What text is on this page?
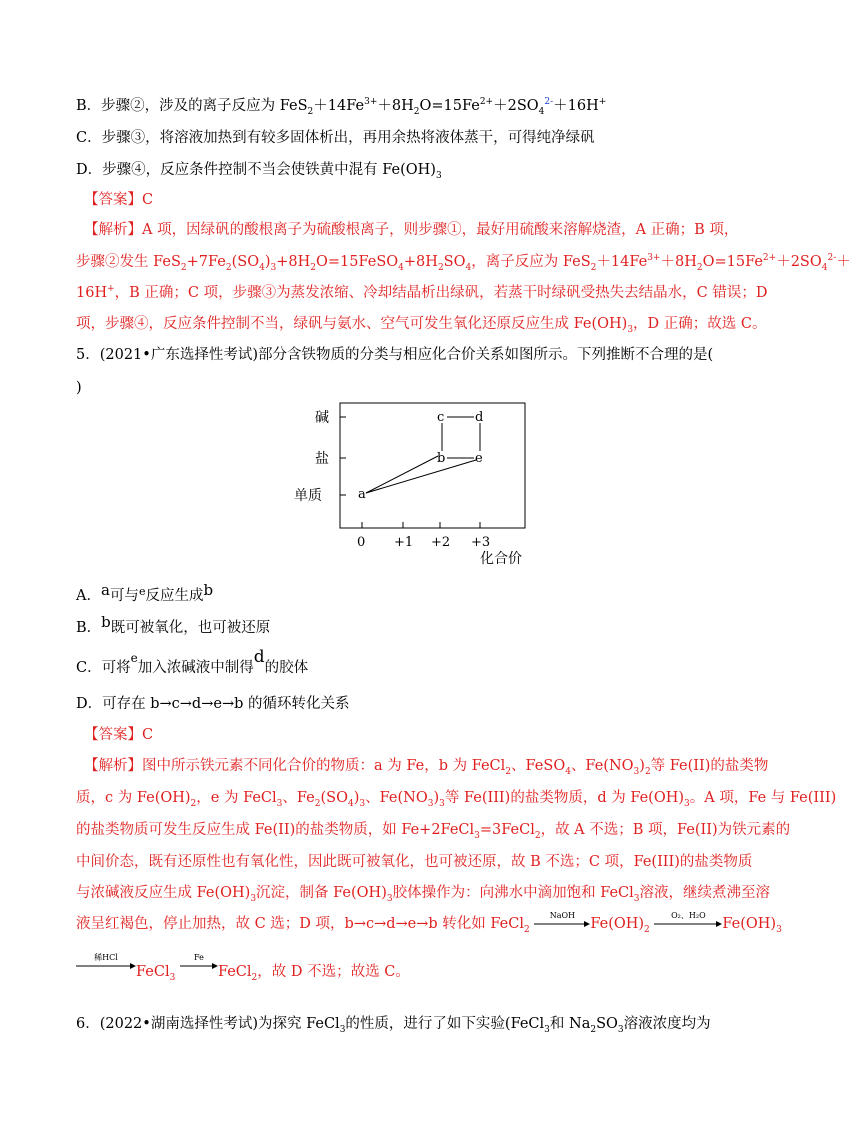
B．步骤②，涉及的离子反应为 $FeS_2+14Fe^{3+}+8H_2O=15Fe^{2+}+2SO_4^{2-}+16H^+$
C．步骤③，将溶液加热到有较多固体析出，再用余热将液体蒸干，可得纯净绿矾
D．步骤④，反应条件控制不当会使铁黄中混有 $Fe(OH)_3$
【答案】C
【解析】A 项，因绿矾的酸根离子为硫酸根离子，则步骤①，最好用硫酸来溶解烧渣，A 正确；B 项，
步骤②发生 $FeS_2+7Fe_2(SO_4)_3+8H_2O=15FeSO_4+8H_2SO_4$，离子反应为 $FeS_2+14Fe^{3+}+8H_2O=15Fe^{2+}+2SO_4^{2-}+$
16H+，B 正确；C 项，步骤③为蒸发浓缩、冷却结晶析出绿矾，若蒸干时绿矾受热失去结晶水，C 错误；D
项，步骤④，反应条件控制不当，绿矾与氨水、空气可发生氧化还原反应生成 $Fe(OH)_3$，D 正确；故选 C。
5．(2021•广东选择性考试)部分含铁物质的分类与相应化合价关系如图所示。下列推断不合理的是(
)
碱
盐
单质
0 +1 +2 +3
化合价
a
b
c d
e
A．a可与$^e$反应生成b
B．b既可被氧化，也可被还原
C．可将$^e$加入浓碱液中制得d的胶体
D．可存在 b→c→d→e→b 的循环转化关系
【答案】C
【解析】图中所示铁元素不同化合价的物质：a 为 Fe，b 为 FeCl$_2$、FeSO$_4$、$Fe(NO_3)_2$等 Fe(II)的盐类物
质，c 为 $Fe(OH)_2$，e 为 FeCl$_3$、$Fe_2(SO_4)_3$、$Fe(NO_3)_3$等 Fe(III)的盐类物质，d 为 $Fe(OH)_3$。A 项，Fe 与 Fe(III)
的盐类物质可发生反应生成 Fe(II)的盐类物质，如 Fe+2FeCl$_3$=3FeCl$_2$，故 A 不选；B 项，Fe(II)为铁元素的
中间价态，既有还原性也有氧化性，因此既可被氧化，也可被还原，故 B 不选；C 项，Fe(III)的盐类物质
与浓碱液反应生成 $Fe(OH)_3$沉淀，制备 $Fe(OH)_3$胶体操作为：向沸水中滴加饱和 FeCl$_3$溶液，继续煮沸至溶
液呈红褐色，停止加热，故 C 选；D 项，b→c→d→e→b 转化如 FeCl$_2$
NaOH
$Fe(OH)_2$
O₂、H₂O
$Fe(OH)_3$
稀HCl
FeCl$_3$
Fe
FeCl$_2$，故 D 不选；故选 C。
6．(2022•湖南选择性考试)为探究 FeCl$_3$的性质，进行了如下实验(FeCl$_3$和 $Na_2SO_3$溶液浓度均为
